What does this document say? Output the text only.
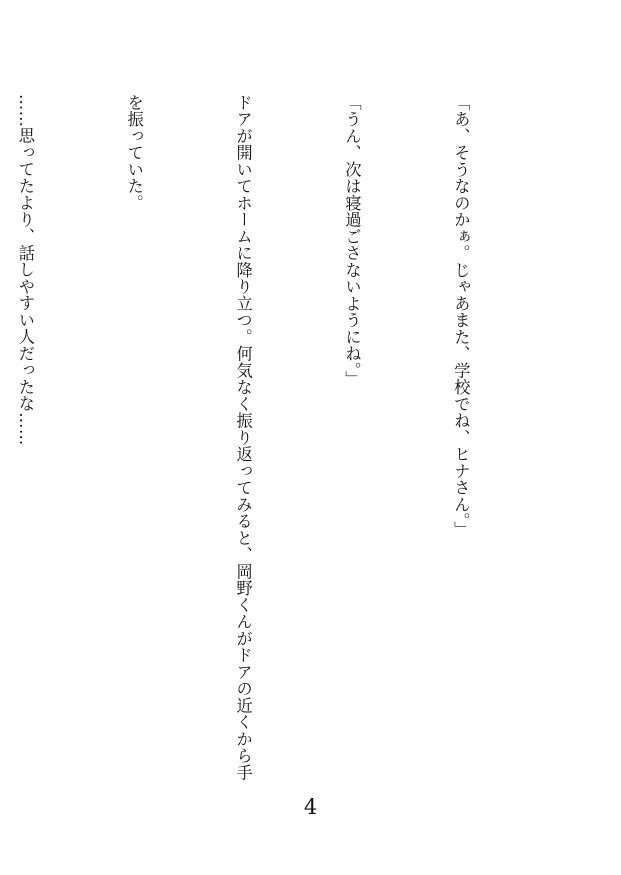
「あ、そうなのかぁ。じゃあまた、学校でね、ヒナさん。」

「うん、次は寝過ごさないようにね。」

ドアが開いてホームに降り立つ。何気なく振り返ってみると、岡野くんがドアの近くから手

を振っていた。

……思ってたより、話しやすい人だったな……

4
